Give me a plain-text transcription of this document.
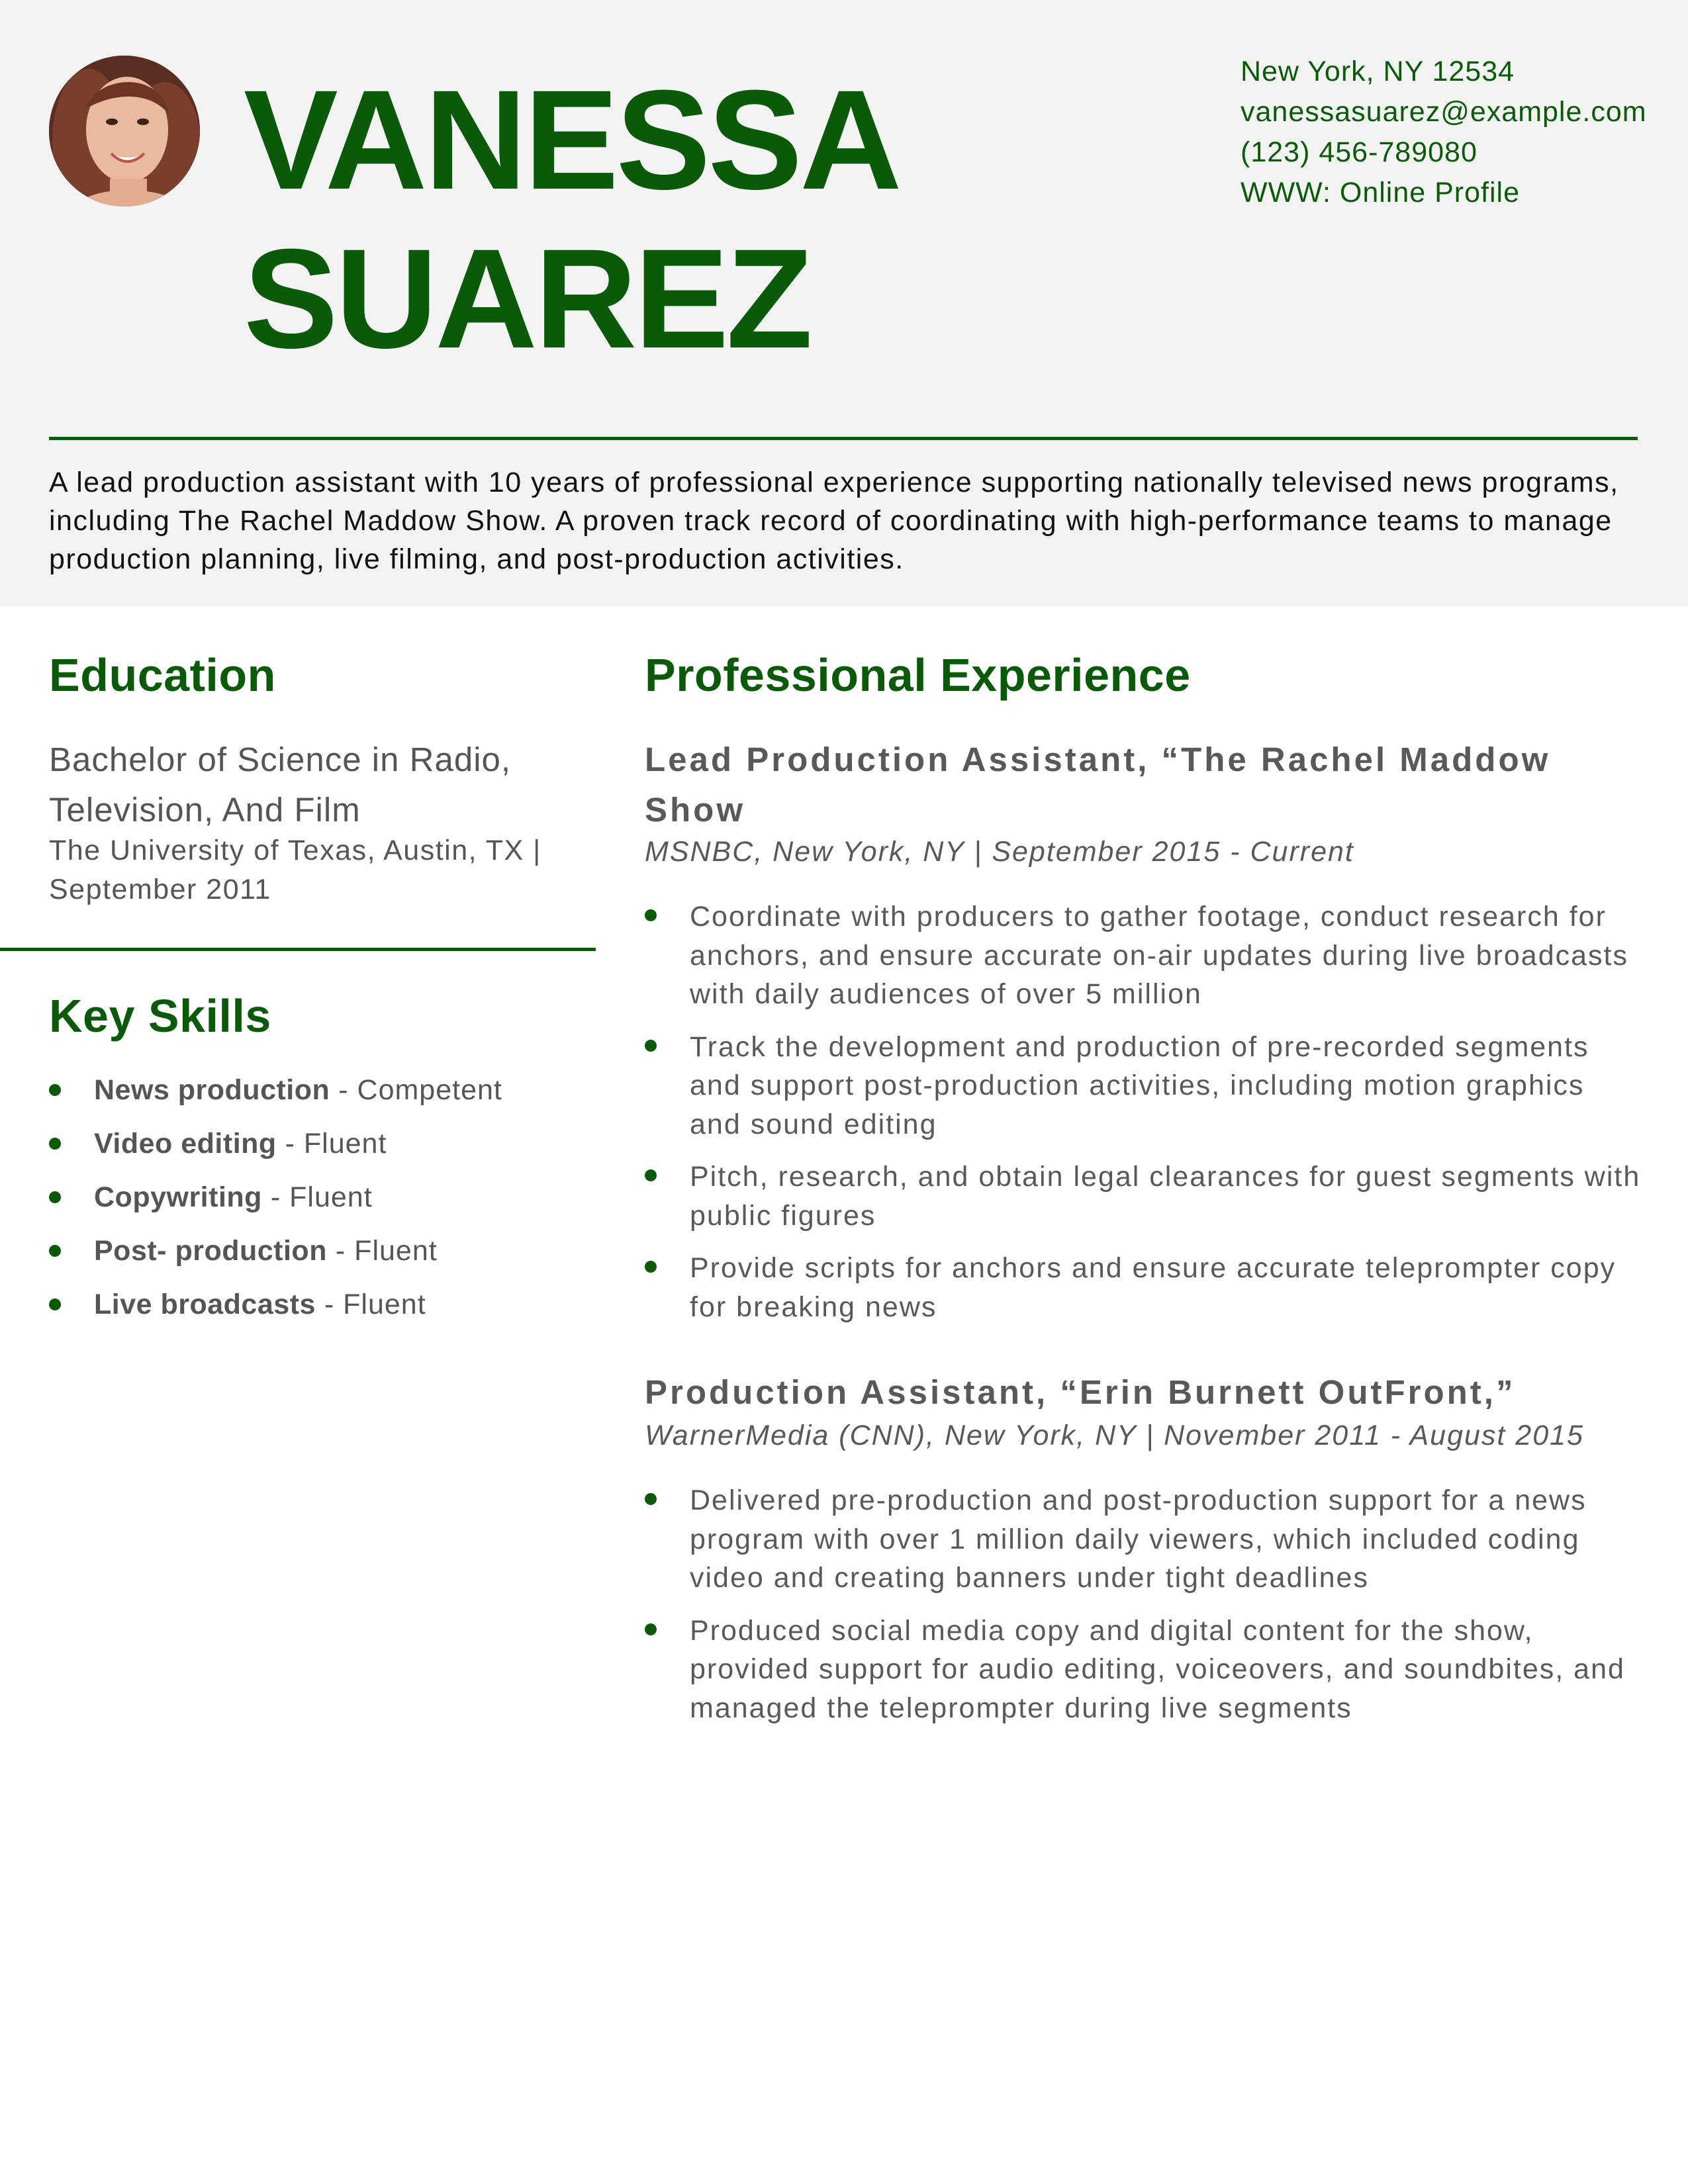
VANESSA
SUAREZ
New York, NY 12534
vanessasuarez@example.com
(123) 456-789080
WWW: Online Profile
A lead production assistant with 10 years of professional experience supporting nationally televised news programs, including The Rachel Maddow Show. A proven track record of coordinating with high-performance teams to manage production planning, live filming, and post-production activities.
Education
Bachelor of Science in Radio, Television, And Film
The University of Texas, Austin, TX | September 2011
Key Skills
News production - Competent
Video editing - Fluent
Copywriting - Fluent
Post- production - Fluent
Live broadcasts - Fluent
Professional Experience
Lead Production Assistant, “The Rachel Maddow Show
MSNBC, New York, NY | September 2015 - Current
Coordinate with producers to gather footage, conduct research for anchors, and ensure accurate on-air updates during live broadcasts with daily audiences of over 5 million
Track the development and production of pre-recorded segments and support post-production activities, including motion graphics and sound editing
Pitch, research, and obtain legal clearances for guest segments with public figures
Provide scripts for anchors and ensure accurate teleprompter copy for breaking news
Production Assistant, “Erin Burnett OutFront,”
WarnerMedia (CNN), New York, NY | November 2011 - August 2015
Delivered pre-production and post-production support for a news program with over 1 million daily viewers, which included coding video and creating banners under tight deadlines
Produced social media copy and digital content for the show, provided support for audio editing, voiceovers, and soundbites, and managed the teleprompter during live segments
